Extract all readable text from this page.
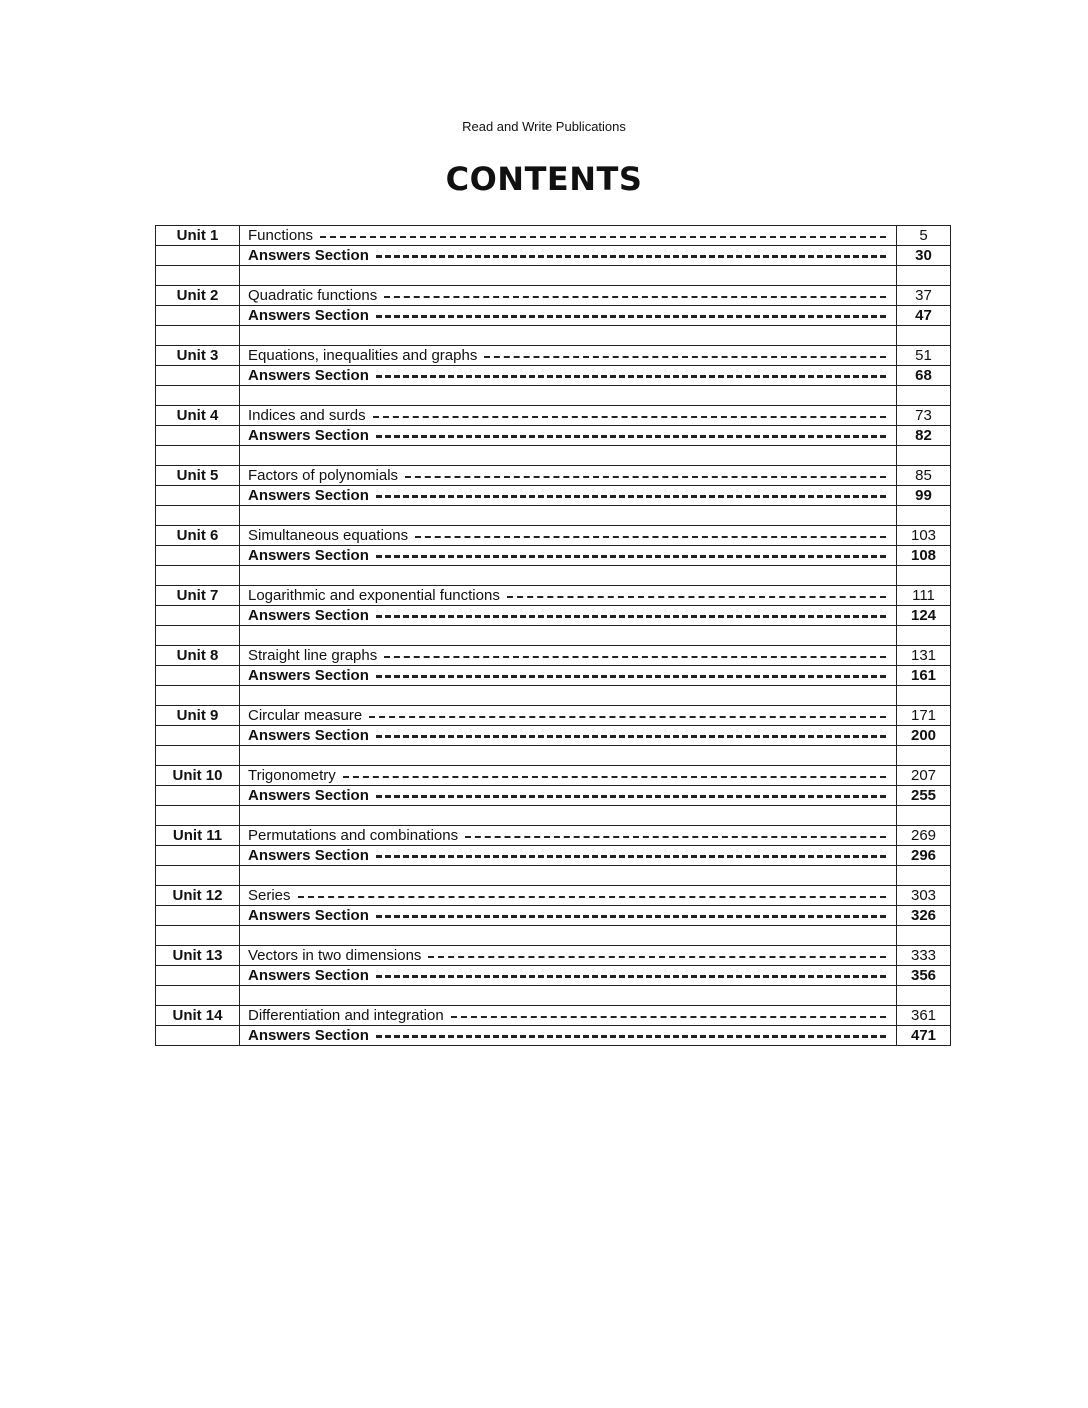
Read and Write Publications
CONTENTS
Unit 1	Functions	5

	Answers Section	30

Unit 2	Quadratic functions	37

	Answers Section	47

Unit 3	Equations, inequalities and graphs	51

	Answers Section	68

Unit 4	Indices and surds	73

	Answers Section	82

Unit 5	Factors of polynomials	85

	Answers Section	99

Unit 6	Simultaneous equations	103

	Answers Section	108

Unit 7	Logarithmic and exponential functions	111

	Answers Section	124

Unit 8	Straight line graphs	131

	Answers Section	161

Unit 9	Circular measure	171

	Answers Section	200

Unit 10	Trigonometry	207

	Answers Section	255

Unit 11	Permutations and combinations	269

	Answers Section	296

Unit 12	Series	303

	Answers Section	326

Unit 13	Vectors in two dimensions	333

	Answers Section	356

Unit 14	Differentiation and integration	361

	Answers Section	471
